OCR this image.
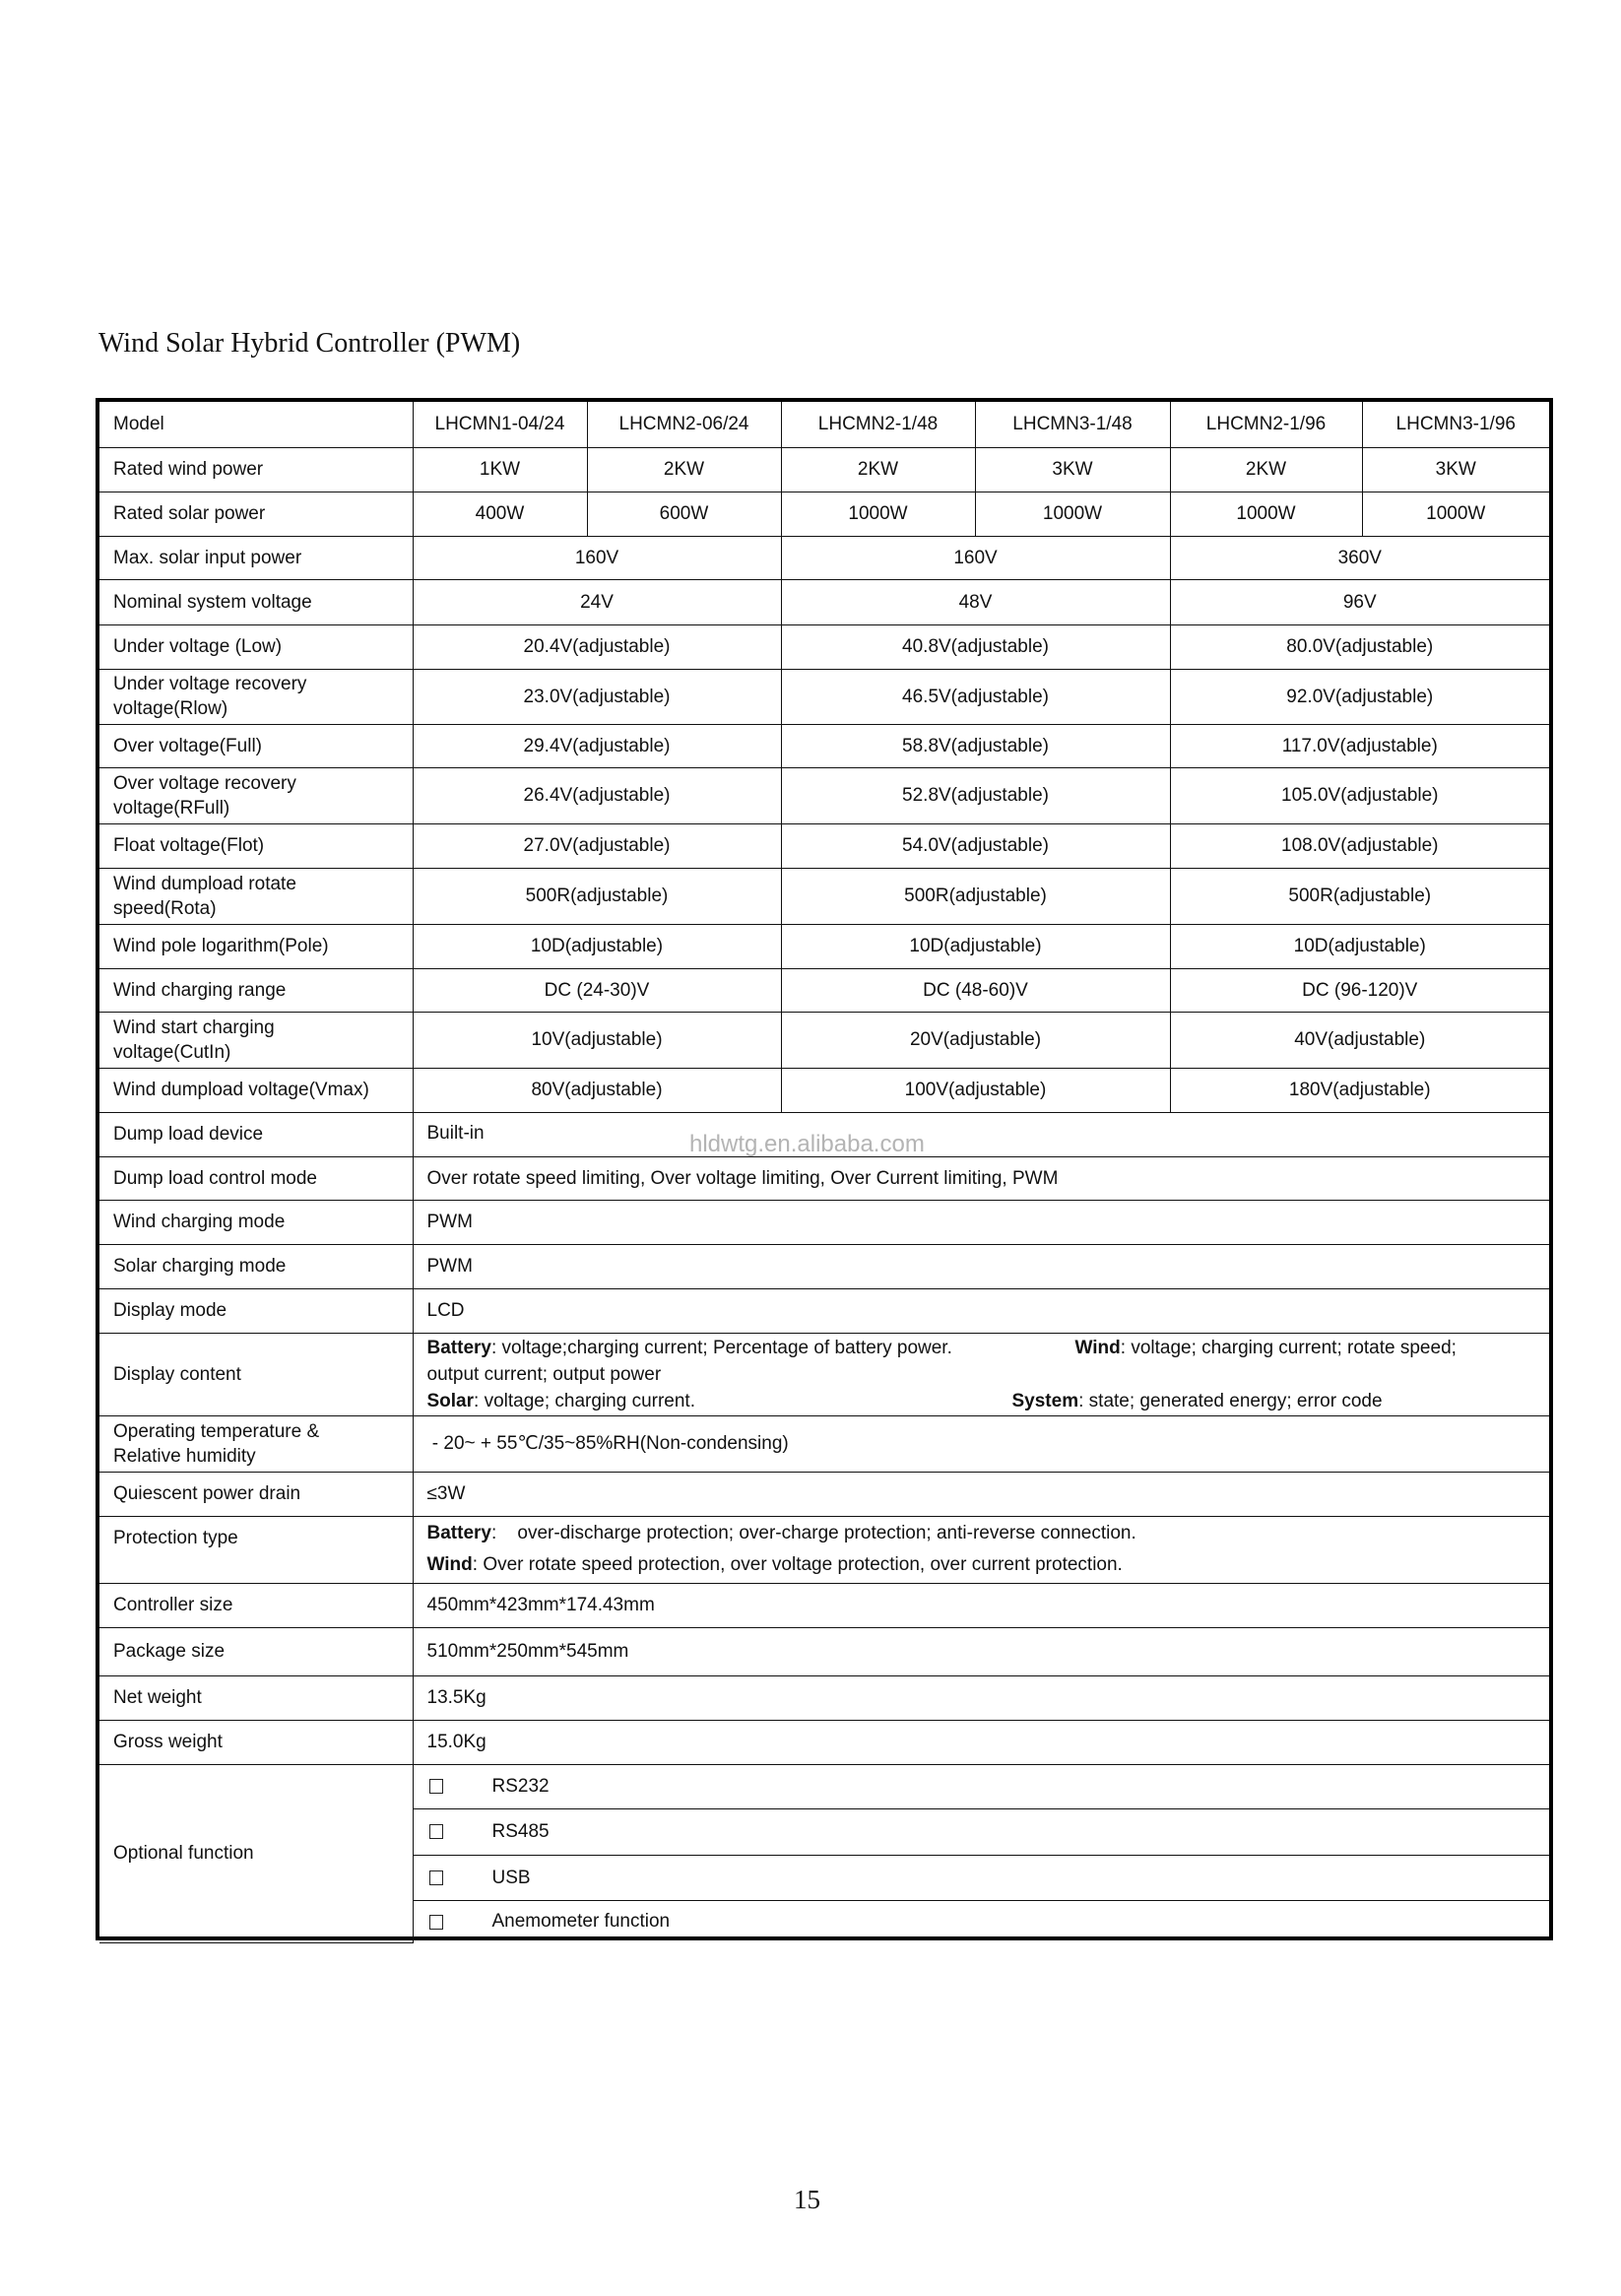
Wind Solar Hybrid Controller (PWM)
Model	LHCMN1-04/24	LHCMN2-06/24	LHCMN2-1/48	LHCMN3-1/48	LHCMN2-1/96	LHCMN3-1/96
Rated wind power	1KW	2KW	2KW	3KW	2KW	3KW
Rated solar power	400W	600W	1000W	1000W	1000W	1000W
Max. solar input power	160V		160V		360V	
Nominal system voltage	24V		48V		96V	
Under voltage (Low)	20.4V(adjustable)		40.8V(adjustable)		80.0V(adjustable)	

Under voltage recovery
voltage(Rlow)	23.0V(adjustable)		46.5V(adjustable)		92.0V(adjustable)	
Over voltage(Full)	29.4V(adjustable)		58.8V(adjustable)		117.0V(adjustable)	

Over voltage recovery
voltage(RFull)	26.4V(adjustable)		52.8V(adjustable)		105.0V(adjustable)	
Float voltage(Flot)	27.0V(adjustable)		54.0V(adjustable)		108.0V(adjustable)	

Wind dumpload rotate
speed(Rota)	500R(adjustable)		500R(adjustable)		500R(adjustable)	
Wind pole logarithm(Pole)	10D(adjustable)		10D(adjustable)		10D(adjustable)	
Wind charging range	DC (24-30)V		DC (48-60)V		DC (96-120)V	

Wind start charging
voltage(CutIn)	10V(adjustable)		20V(adjustable)		40V(adjustable)	
Wind dumpload voltage(Vmax)	80V(adjustable)		100V(adjustable)		180V(adjustable)	
Dump load device	Built-in					
Dump load control mode	Over rotate speed limiting, Over voltage limiting, Over Current limiting, PWM					
Wind charging mode	PWM					
Solar charging mode	PWM					
Display mode	LCD					
Display content	Battery: voltage;charging current; Percentage of battery power. Wind: voltage; charging current; rotate speed;
output current; output power
Solar: voltage; charging current. System: state; generated energy; error code					

Operating temperature &
Relative humidity	- 20~ + 55℃/35~85%RH(Non-condensing)					
Quiescent power drain	≤3W					
Protection type	Battery:    over-discharge protection; over-charge protection; anti-reverse connection.
Wind: Over rotate speed protection, over voltage protection, over current protection.					

Controller size	450mm*423mm*174.43mm					
Package size	510mm*250mm*545mm					
Net weight	13.5Kg					
Gross weight	15.0Kg					
Optional function	RS232					
	RS485					
	USB					
	Anemometer function					
hldwtg.en.alibaba.com
15
